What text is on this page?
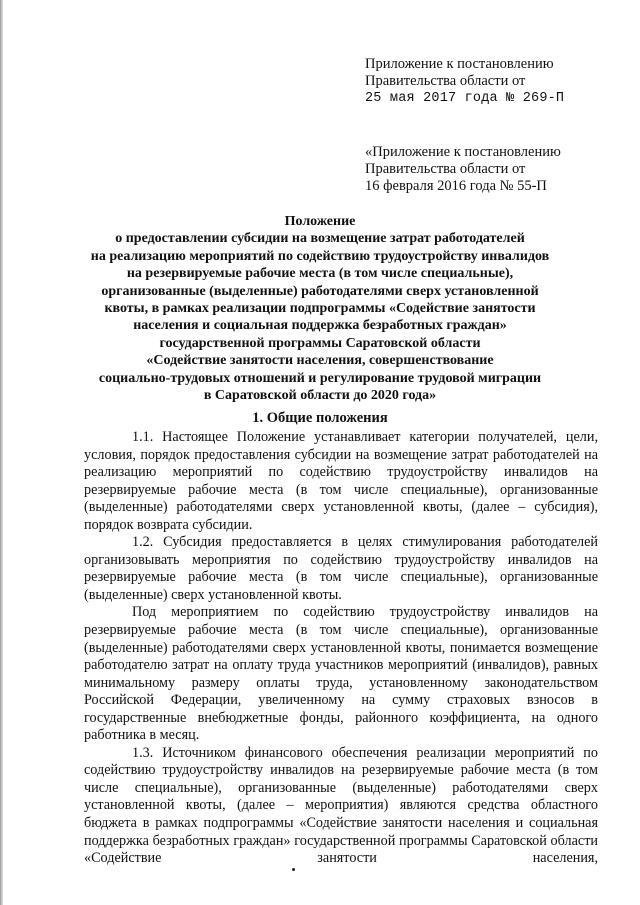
Приложение к постановлению
Правительства области от
25 мая 2017 года № 269-П
«Приложение к постановлению
Правительства области от
16 февраля 2016 года № 55-П
Положение
о предоставлении субсидии на возмещение затрат работодателей
на реализацию мероприятий по содействию трудоустройству инвалидов
на резервируемые рабочие места (в том числе специальные),
организованные (выделенные) работодателями сверх установленной
квоты, в рамках реализации подпрограммы «Содействие занятости
населения и социальная поддержка безработных граждан»
государственной программы Саратовской области
«Содействие занятости населения, совершенствование
социально-трудовых отношений и регулирование трудовой миграции
в Саратовской области до 2020 года»
1. Общие положения

1.1. Настоящее Положение устанавливает категории получателей, цели, условия, порядок предоставления субсидии на возмещение затрат работодателей на реализацию мероприятий по содействию трудоустройству инвалидов на резервируемые рабочие места (в том числе специальные), организованные (выделенные) работодателями сверх установленной квоты, (далее – субсидия), порядок возврата субсидии.

1.2. Субсидия предоставляется в целях стимулирования работодателей организовывать мероприятия по содействию трудоустройству инвалидов на резервируемые рабочие места (в том числе специальные), организованные (выделенные) сверх установленной квоты.

Под мероприятием по содействию трудоустройству инвалидов на резервируемые рабочие места (в том числе специальные), организованные (выделенные) работодателями сверх установленной квоты, понимается возмещение работодателю затрат на оплату труда участников мероприятий (инвалидов), равных минимальному размеру оплаты труда, установленному законодательством Российской Федерации, увеличенному на сумму страховых взносов в государственные внебюджетные фонды, районного коэффициента, на одного работника в месяц.

1.3. Источником финансового обеспечения реализации мероприятий по содействию трудоустройству инвалидов на резервируемые рабочие места (в том числе специальные), организованные (выделенные) работодателями сверх установленной квоты, (далее – мероприятия) являются средства областного бюджета в рамках подпрограммы «Содействие занятости населения и социальная поддержка безработных граждан» государственной программы Саратовской области «Содействие занятости населения,
